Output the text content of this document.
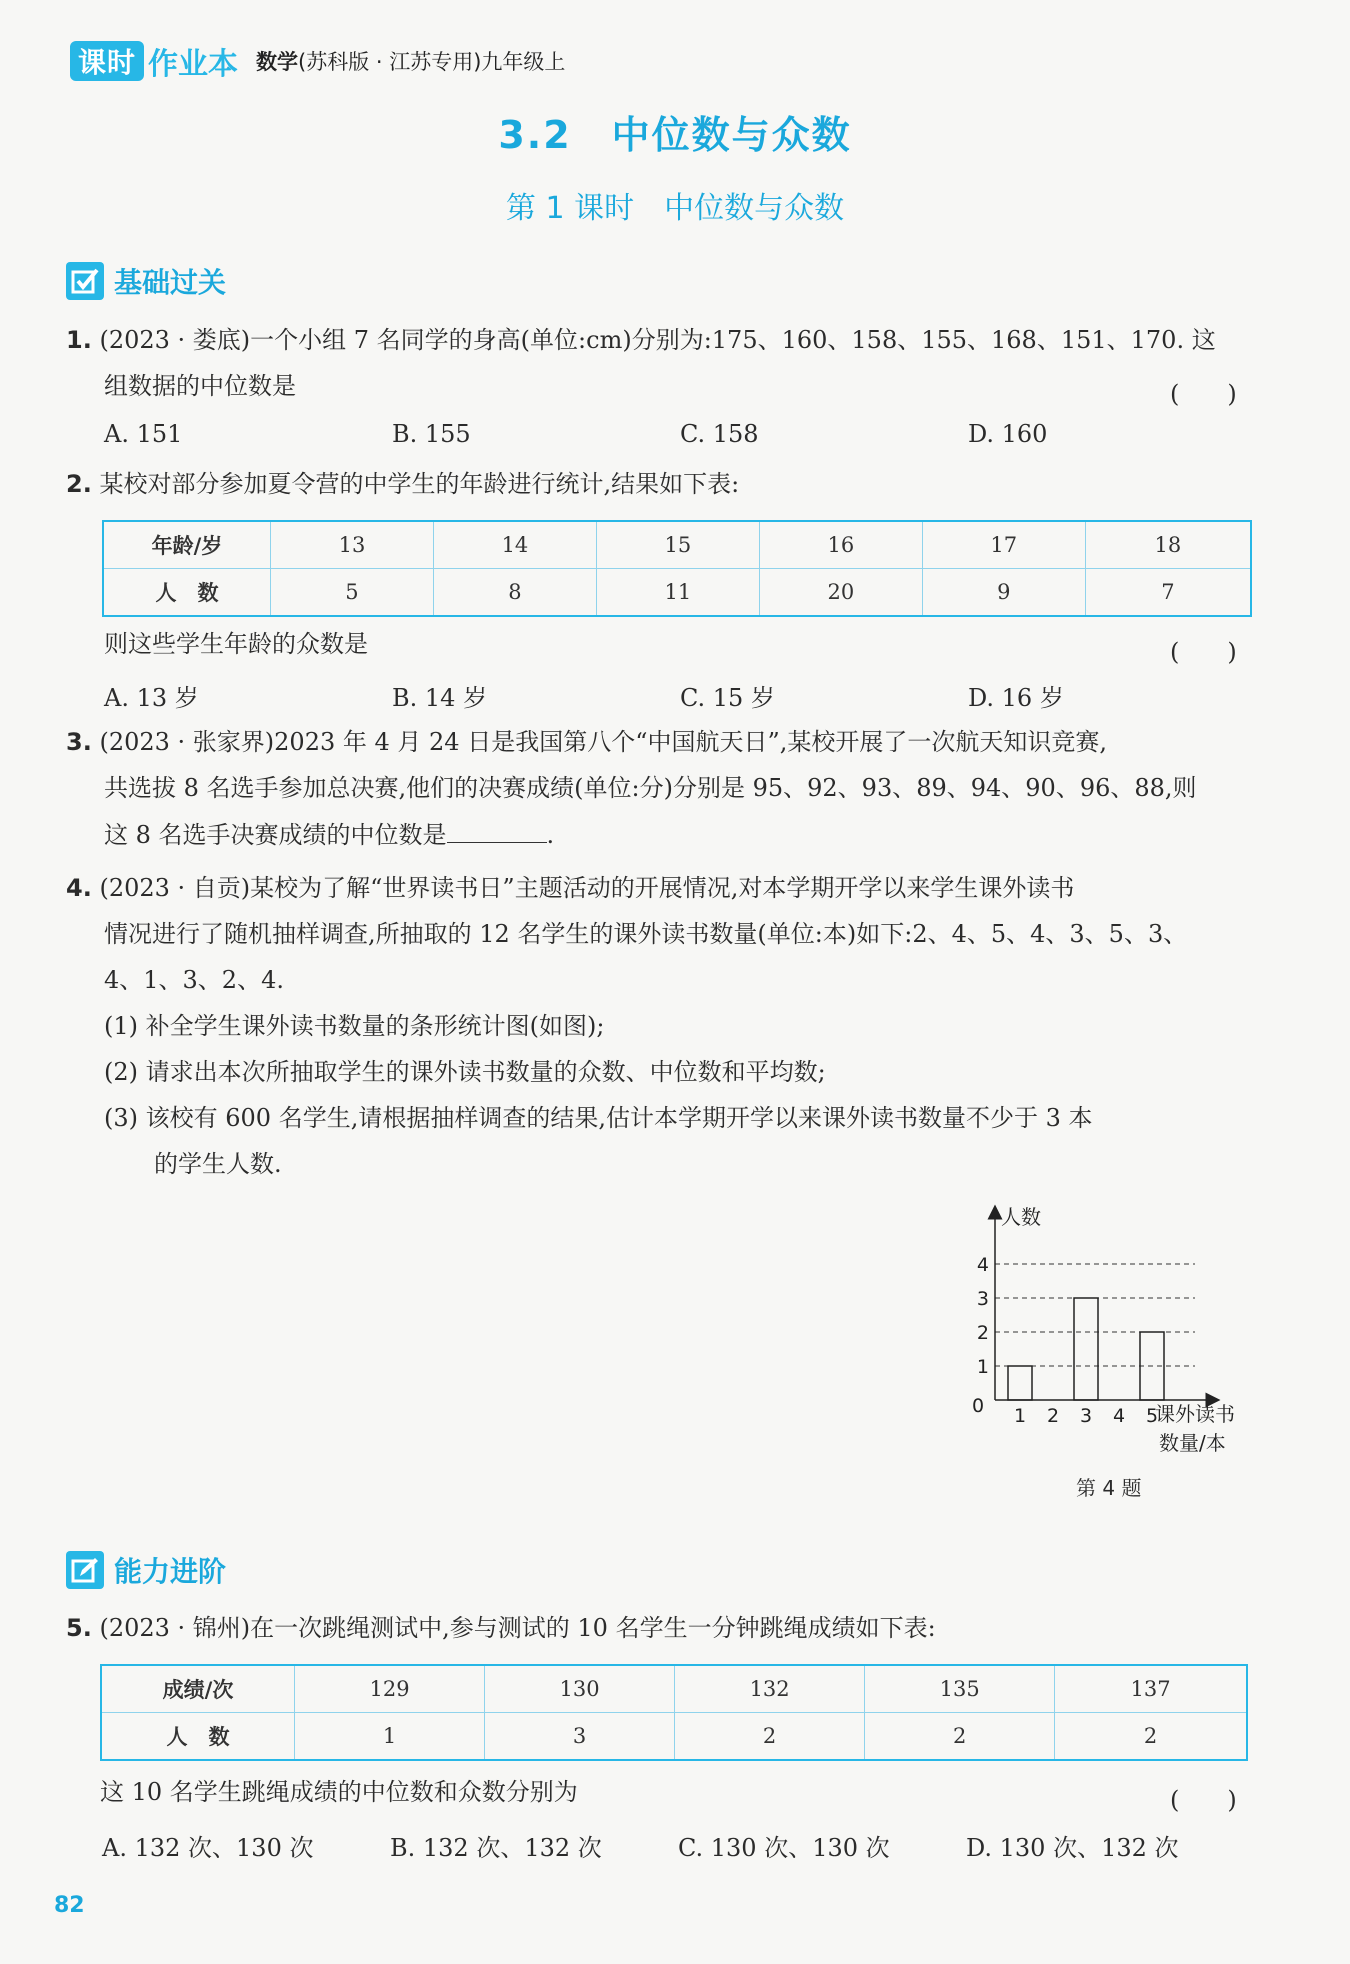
课时 作业本 数学(苏科版 · 江苏专用)九年级上
3.2　中位数与众数
第 1 课时　中位数与众数
基础过关
1. (2023 · 娄底)一个小组 7 名同学的身高(单位:cm)分别为:175、160、158、155、168、151、170. 这
组数据的中位数是	(　　)
A. 151	B. 155	C. 158	D. 160
2. 某校对部分参加夏令营的中学生的年龄进行统计,结果如下表:
年龄/岁	13	14	15	16	17	18
人　数	5	8	11	20	9	7
则这些学生年龄的众数是	(　　)
A. 13 岁	B. 14 岁	C. 15 岁	D. 16 岁
3. (2023 · 张家界)2023 年 4 月 24 日是我国第八个“中国航天日”,某校开展了一次航天知识竞赛,
共选拔 8 名选手参加总决赛,他们的决赛成绩(单位:分)分别是 95、92、93、89、94、90、96、88,则
这 8 名选手决赛成绩的中位数是	.
4. (2023 · 自贡)某校为了解“世界读书日”主题活动的开展情况,对本学期开学以来学生课外读书
情况进行了随机抽样调查,所抽取的 12 名学生的课外读书数量(单位:本)如下:2、4、5、4、3、5、3、
4、1、3、2、4.
(1) 补全学生课外读书数量的条形统计图(如图);
(2) 请求出本次所抽取学生的课外读书数量的众数、中位数和平均数;
(3) 该校有 600 名学生,请根据抽样调查的结果,估计本学期开学以来课外读书数量不少于 3 本
的学生人数.
1
2
3
4
1 2 3 4 5
人数
0	课外读书
数量/本
第 4 题
能力进阶
5. (2023 · 锦州)在一次跳绳测试中,参与测试的 10 名学生一分钟跳绳成绩如下表:
成绩/次	129	130	132	135	137
人　数	1	3	2	2	2
这 10 名学生跳绳成绩的中位数和众数分别为	(　　)
A. 132 次、130 次	B. 132 次、132 次	C. 130 次、130 次	D. 130 次、132 次
82
